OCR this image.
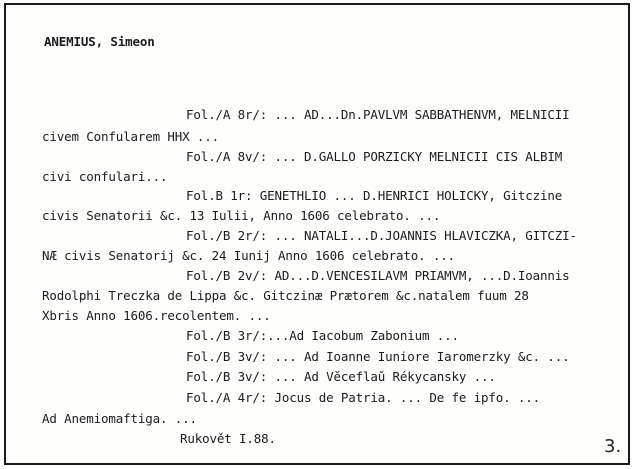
ANEMIUS, Simeon
Fol./A 8r/: ... AD...Dn.PAVLVM SABBATHENVM, MELNICII
civem Confularem HHX ...
Fol./A 8v/: ... D.GALLO PORZICKY MELNICII CIS ALBIM
civi confulari...
Fol.B 1r: GENETHLIO ... D.HENRICI HOLICKY, Gitczine
civis Senatorii &c. 13 Iulii, Anno 1606 celebrato. ...
Fol./B 2r/: ... NATALI...D.JOANNIS HLAVICZKA, GITCZI-
NÆ civis Senatorij &c. 24 Iunij Anno 1606 celebrato. ...
Fol./B 2v/: AD...D.VENCESILAVM PRIAMVM, ...D.Ioannis
Rodolphi Treczka de Lippa &c. Gitczinæ Prætorem &c.natalem fuum 28
Xbris Anno 1606.recolentem. ...
Fol./B 3r/:...Ad Iacobum Zabonium ...
Fol./B 3v/: ... Ad Ioanne Iuniore Iaromerzky &c. ...
Fol./B 3v/: ... Ad Vĕceflaŭ Rékycansky ...
Fol./A 4r/: Jocus de Patria. ... De fe ipfo. ...
Ad Anemiomaftiga. ...
Rukovět I.88.	3.
